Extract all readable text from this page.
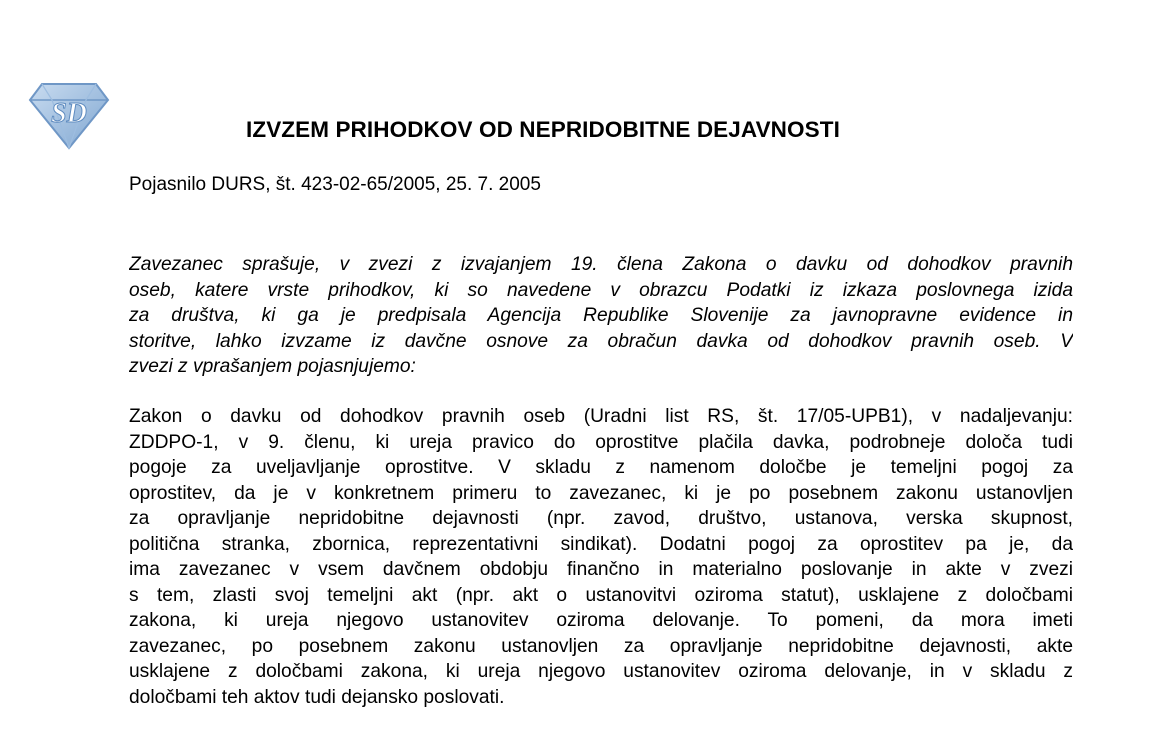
SD
IZVZEM PRIHODKOV OD NEPRIDOBITNE DEJAVNOSTI
Pojasnilo DURS, št. 423-02-65/2005, 25. 7. 2005
Zavezanec sprašuje, v zvezi z izvajanjem 19. člena Zakona o davku od dohodkov pravnih
oseb, katere vrste prihodkov, ki so navedene v obrazcu Podatki iz izkaza poslovnega izida
za društva, ki ga je predpisala Agencija Republike Slovenije za javnopravne evidence in
storitve, lahko izvzame iz davčne osnove za obračun davka od dohodkov pravnih oseb. V
zvezi z vprašanjem pojasnjujemo:
Zakon o davku od dohodkov pravnih oseb (Uradni list RS, št. 17/05-UPB1), v nadaljevanju:
ZDDPO-1, v 9. členu, ki ureja pravico do oprostitve plačila davka, podrobneje določa tudi
pogoje za uveljavljanje oprostitve. V skladu z namenom določbe je temeljni pogoj za
oprostitev, da je v konkretnem primeru to zavezanec, ki je po posebnem zakonu ustanovljen
za opravljanje nepridobitne dejavnosti (npr. zavod, društvo, ustanova, verska skupnost,
politična stranka, zbornica, reprezentativni sindikat). Dodatni pogoj za oprostitev pa je, da
ima zavezanec v vsem davčnem obdobju finančno in materialno poslovanje in akte v zvezi
s tem, zlasti svoj temeljni akt (npr. akt o ustanovitvi oziroma statut), usklajene z določbami
zakona, ki ureja njegovo ustanovitev oziroma delovanje. To pomeni, da mora imeti
zavezanec, po posebnem zakonu ustanovljen za opravljanje nepridobitne dejavnosti, akte
usklajene z določbami zakona, ki ureja njegovo ustanovitev oziroma delovanje, in v skladu z
določbami teh aktov tudi dejansko poslovati.
